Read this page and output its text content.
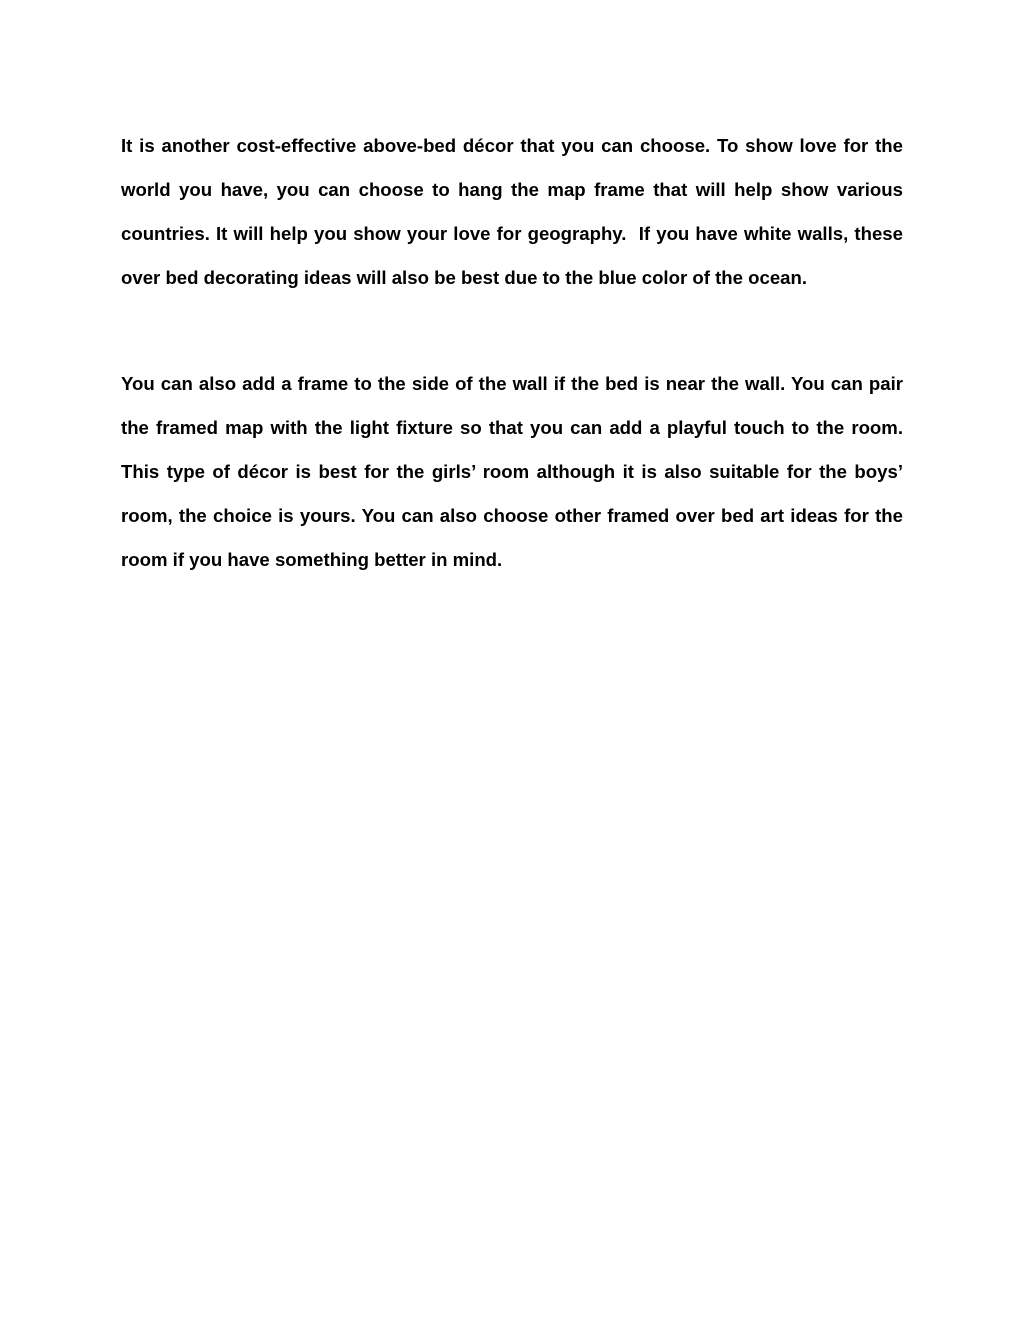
It is another cost-effective above-bed décor that you can choose. To show love for the world you have, you can choose to hang the map frame that will help show various countries. It will help you show your love for geography.  If you have white walls, these over bed decorating ideas will also be best due to the blue color of the ocean.

You can also add a frame to the side of the wall if the bed is near the wall. You can pair the framed map with the light fixture so that you can add a playful touch to the room. This type of décor is best for the girls’ room although it is also suitable for the boys’ room, the choice is yours. You can also choose other framed over bed art ideas for the room if you have something better in mind.
